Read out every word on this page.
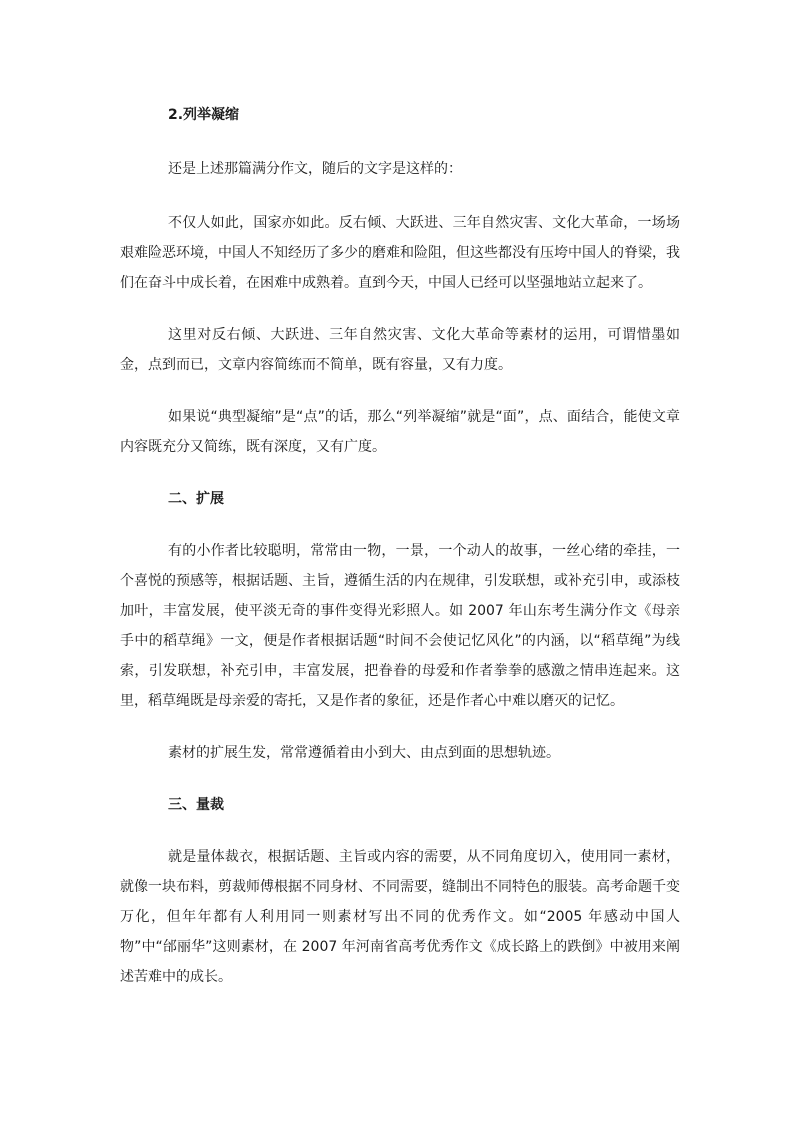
2.列举凝缩

还是上述那篇满分作文，随后的文字是这样的：

不仅人如此，国家亦如此。反右倾、大跃进、三年自然灾害、文化大革命，一场场艰难险恶环境，中国人不知经历了多少的磨难和险阻，但这些都没有压垮中国人的脊梁，我们在奋斗中成长着，在困难中成熟着。直到今天，中国人已经可以坚强地站立起来了。

这里对反右倾、大跃进、三年自然灾害、文化大革命等素材的运用，可谓惜墨如金，点到而已，文章内容简练而不简单，既有容量，又有力度。

如果说“典型凝缩”是“点”的话，那么“列举凝缩”就是“面”，点、面结合，能使文章内容既充分又简练，既有深度，又有广度。

二、扩展

有的小作者比较聪明，常常由一物，一景，一个动人的故事，一丝心绪的牵挂，一个喜悦的预感等，根据话题、主旨，遵循生活的内在规律，引发联想，或补充引申，或添枝加叶，丰富发展，使平淡无奇的事件变得光彩照人。如 2007 年山东考生满分作文《母亲手中的稻草绳》一文，便是作者根据话题“时间不会使记忆风化”的内涵，以“稻草绳”为线索，引发联想，补充引申，丰富发展，把眷眷的母爱和作者拳拳的感激之情串连起来。这里，稻草绳既是母亲爱的寄托，又是作者的象征，还是作者心中难以磨灭的记忆。

素材的扩展生发，常常遵循着由小到大、由点到面的思想轨迹。

三、量裁

就是量体裁衣，根据话题、主旨或内容的需要，从不同角度切入，使用同一素材，就像一块布料，剪裁师傅根据不同身材、不同需要，缝制出不同特色的服装。高考命题千变万化，但年年都有人利用同一则素材写出不同的优秀作文。如“2005 年感动中国人物”中“邰丽华”这则素材，在 2007 年河南省高考优秀作文《成长路上的跌倒》中被用来阐述苦难中的成长。
